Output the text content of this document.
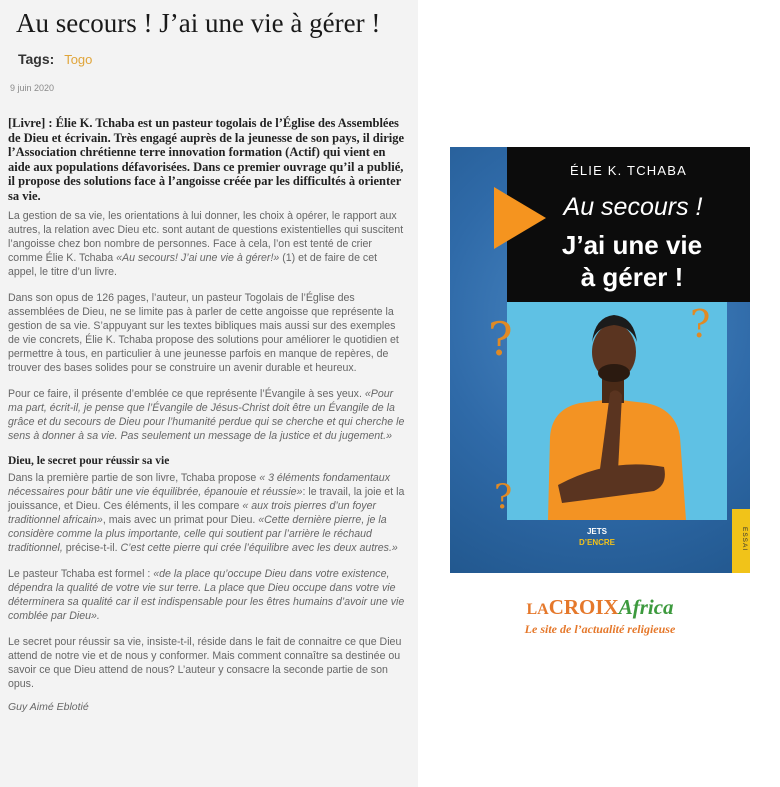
Au secours ! J’ai une vie à gérer !
Tags: Togo
9 juin 2020

[Livre] : Élie K. Tchaba est un pasteur togolais de l’Église des Assemblées de Dieu et écrivain. Très engagé auprès de la jeunesse de son pays, il dirige l’Association chrétienne terre innovation formation (Actif) qui vient en aide aux populations défavorisées. Dans ce premier ouvrage qu’il a publié, il propose des solutions face à l’angoisse créée par les difficultés à orienter sa vie.

La gestion de sa vie, les orientations à lui donner, les choix à opérer, le rapport aux autres, la relation avec Dieu etc. sont autant de questions existentielles qui suscitent l’angoisse chez bon nombre de personnes. Face à cela, l’on est tenté de crier comme Élie K. Tchaba «Au secours! J’ai une vie à gérer!» (1) et de faire de cet appel, le titre d’un livre.

Dans son opus de 126 pages, l’auteur, un pasteur Togolais de l’Église des assemblées de Dieu, ne se limite pas à parler de cette angoisse que représente la gestion de sa vie. S’appuyant sur les textes bibliques mais aussi sur des exemples de vie concrets, Élie K. Tchaba propose des solutions pour améliorer le quotidien et permettre à tous, en particulier à une jeunesse parfois en manque de repères, de trouver des bases solides pour se construire un avenir durable et heureux.

Pour ce faire, il présente d’emblée ce que représente l’Évangile à ses yeux. «Pour ma part, écrit-il, je pense que l’Évangile de Jésus-Christ doit être un Évangile de la grâce et du secours de Dieu pour l’humanité perdue qui se cherche et qui cherche le sens à donner à sa vie. Pas seulement un message de la justice et du jugement.»

Dieu, le secret pour réussir sa vie

Dans la première partie de son livre, Tchaba propose « 3 éléments fondamentaux nécessaires pour bâtir une vie équilibrée, épanouie et réussie»: le travail, la joie et la jouissance, et Dieu. Ces éléments, il les compare « aux trois pierres d’un foyer traditionnel africain», mais avec un primat pour Dieu. «Cette dernière pierre, je la considère comme la plus importante, celle qui soutient par l’arrière le réchaud traditionnel, précise-t-il. C’est cette pierre qui crée l’équilibre avec les deux autres.»

Le pasteur Tchaba est formel : «de la place qu’occupe Dieu dans votre existence, dépendra la qualité de votre vie sur terre. La place que Dieu occupe dans votre vie déterminera sa qualité car il est indispensable pour les êtres humains d’avoir une vie comblée par Dieu».

Le secret pour réussir sa vie, insiste-t-il, réside dans le fait de connaitre ce que Dieu attend de notre vie et de nous y conformer. Mais comment connaître sa destinée ou savoir ce que Dieu attend de nous? L’auteur y consacre la seconde partie de son opus.

Guy Aimé Eblotié
ÉLIE K. TCHABA
Au secours !
J’ai une vie
à gérer !
?	?
?
JETS
D’ENCRE	ESSAI
LACROIXAfrica
Le site de l’actualité religieuse
